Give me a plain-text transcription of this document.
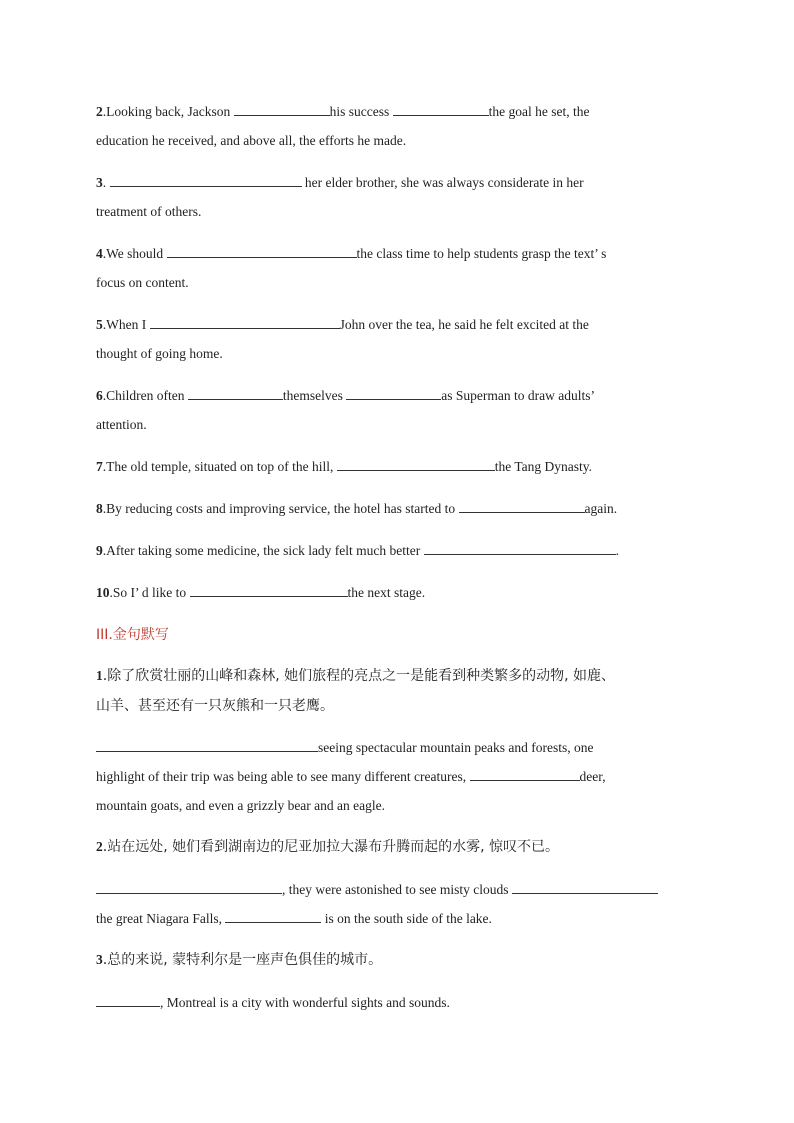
2.Looking back, Jackson	his success	the goal he set, the
education he received, and above all, the efforts he made.
3.	her elder brother, she was always considerate in her
treatment of others.
4.We should	the class time to help students grasp the text’ s
focus on content.
5.When I	John over the tea, he said he felt excited at the
thought of going home.
6.Children often	themselves	as Superman to draw adults’
attention.
7.The old temple, situated on top of the hill,	the Tang Dynasty.
8.By reducing costs and improving service, the hotel has started to	again.
9.After taking some medicine, the sick lady felt much better	.
10.So I’ d like to	the next stage.
III.金句默写
1.除了欣赏壮丽的山峰和森林, 她们旅程的亮点之一是能看到种类繁多的动物, 如鹿、
山羊、甚至还有一只灰熊和一只老鹰。
seeing spectacular mountain peaks and forests, one
highlight of their trip was being able to see many different creatures,	deer,
mountain goats, and even a grizzly bear and an eagle.
2.站在远处, 她们看到湖南边的尼亚加拉大瀑布升腾而起的水雾, 惊叹不已。
, they were astonished to see misty clouds
the great Niagara Falls,	is on the south side of the lake.
3.总的来说, 蒙特利尔是一座声色俱佳的城市。
, Montreal is a city with wonderful sights and sounds.
